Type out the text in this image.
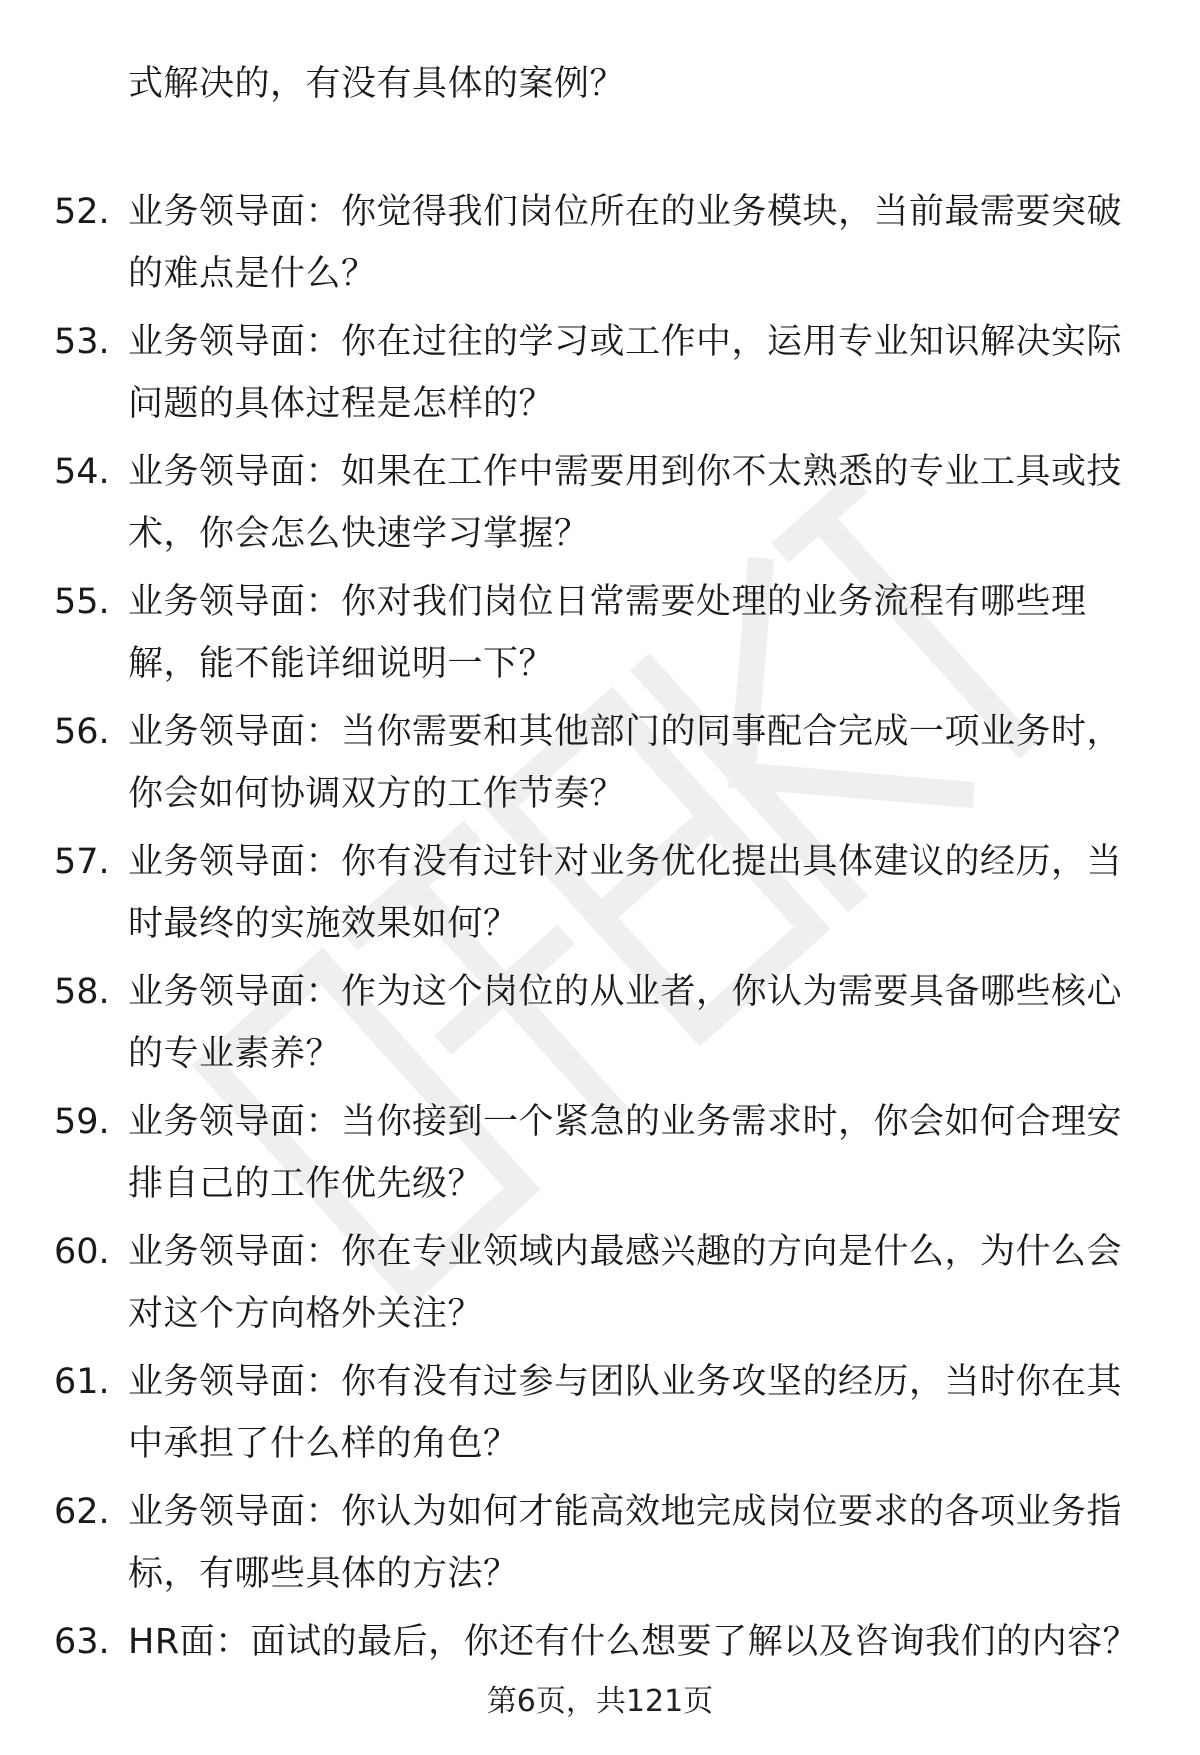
式解决的，有没有具体的案例？
52. 业务领导面：你觉得我们岗位所在的业务模块，当前最需要突破
的难点是什么？
53. 业务领导面：你在过往的学习或工作中，运用专业知识解决实际
问题的具体过程是怎样的？
54. 业务领导面：如果在工作中需要用到你不太熟悉的专业工具或技
术，你会怎么快速学习掌握？
55. 业务领导面：你对我们岗位日常需要处理的业务流程有哪些理
解，能不能详细说明一下？
56. 业务领导面：当你需要和其他部门的同事配合完成一项业务时，
你会如何协调双方的工作节奏？
57. 业务领导面：你有没有过针对业务优化提出具体建议的经历，当
时最终的实施效果如何？
58. 业务领导面：作为这个岗位的从业者，你认为需要具备哪些核心
的专业素养？
59. 业务领导面：当你接到一个紧急的业务需求时，你会如何合理安
排自己的工作优先级？
60. 业务领导面：你在专业领域内最感兴趣的方向是什么，为什么会
对这个方向格外关注？
61. 业务领导面：你有没有过参与团队业务攻坚的经历，当时你在其
中承担了什么样的角色？
62. 业务领导面：你认为如何才能高效地完成岗位要求的各项业务指
标，有哪些具体的方法？
63. HR面：面试的最后，你还有什么想要了解以及咨询我们的内容？
第6页，共121页
